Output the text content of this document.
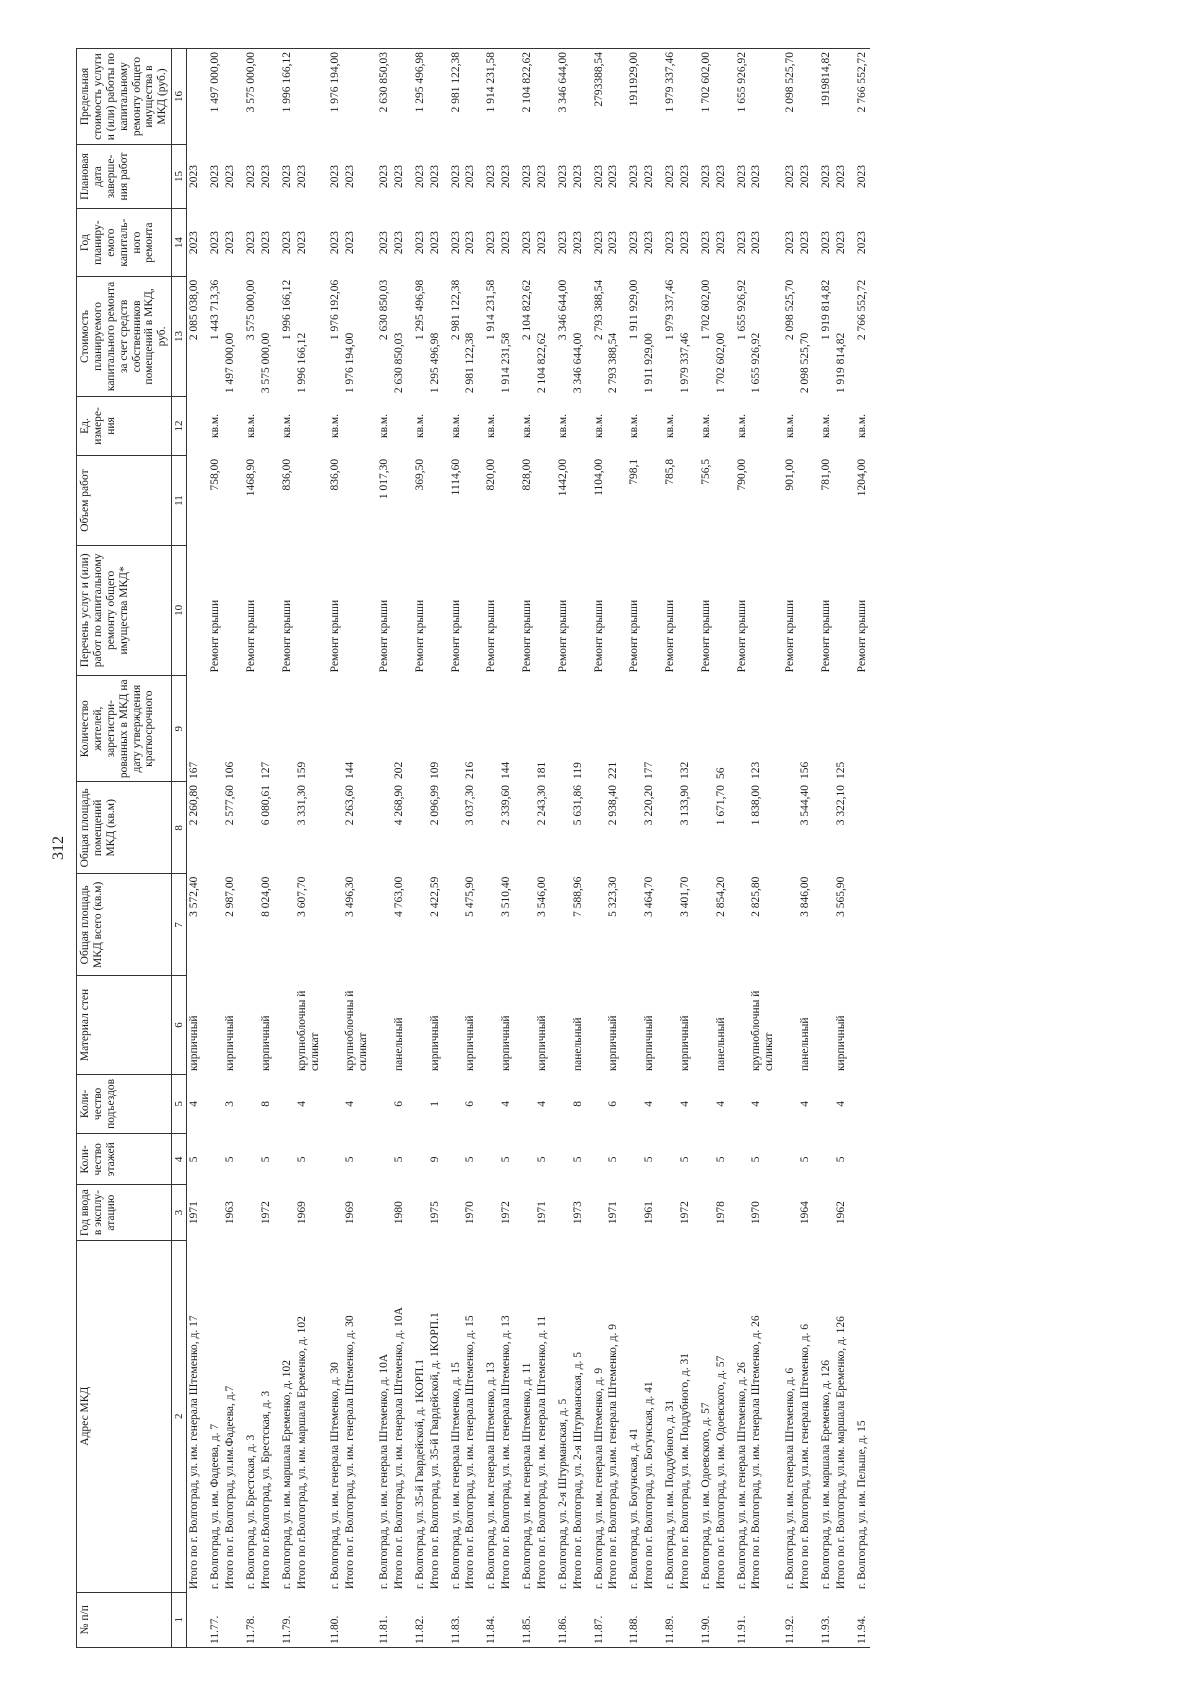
312
№ п/п	Адрес МКД	Год ввода в эксплу-атацию	Коли-чество этажей	Коли-чество подъездов	Материал стен	Общая площадь МКД всего (кв.м)	Общая площадь помещений МКД (кв.м)	Количество жителей, зарегистри-рованных в МКД на дату утверждения краткосрочного	Перечень услуг и (или) работ по капитальному ремонту общего имущества МКД*	Объем работ	Ед. измере-ния	Стоимость планируемого капитального ремонта за счет средств собственников помещений в МКД, руб.	Год планиру-емого капиталь-ного ремонта	Плановая дата заверше-ния работ	Предельная стоимость услуги и (или) работы по капитальному ремонту общего имущества в МКД (руб.)
1	2	3	4	5	6	7	8	9	10	11	12	13	14	15	16
	Итого по г. Волгоград, ул. им. генерала Штеменко, д. 17	1971	5	4	кирпичный	3 572,40	2 260,80	167				2 085 038,00	2023	2023	
11.77.	г. Волгоград, ул. им. Фадеева, д. 7								Ремонт крыши	758,00	кв.м.	1 443 713,36	2023	2023	1 497 000,00
	Итого по г. Волгоград, ул.им.Фадеева, д.7	1963	5	3	кирпичный	2 987,00	2 577,60	106				1 497 000,00	2023	2023	
11.78.	г. Волгоград, ул. Брестская, д. 3								Ремонт крыши	1468,90	кв.м.	3 575 000,00	2023	2023	3 575 000,00
	Итого по г.Волгоград, ул. Брестская, д. 3	1972	5	8	кирпичный	8 024,00	6 080,61	127				3 575 000,00	2023	2023	
11.79.	г. Волгоград, ул. им. маршала Еременко, д. 102								Ремонт крыши	836,00	кв.м.	1 996 166,12	2023	2023	1 996 166,12
	Итого по г.Волгоград, ул. им. маршала Еременко, д. 102	1969	5	4	крупноблочны й силикат	3 607,70	3 331,30	159				1 996 166,12	2023	2023	
11.80.	г. Волгоград, ул. им. генерала Штеменко, д. 30								Ремонт крыши	836,00	кв.м.	1 976 192,06	2023	2023	1 976 194,00
	Итого по г. Волгоград, ул. им. генерала Штеменко, д. 30	1969	5	4	крупноблочны й силикат	3 496,30	2 263,60	144				1 976 194,00	2023	2023	
11.81.	г. Волгоград, ул. им. генерала Штеменко, д. 10А								Ремонт крыши	1 017,30	кв.м.	2 630 850,03	2023	2023	2 630 850,03
	Итого по г. Волгоград, ул. им. генерала Штеменко, д. 10А	1980	5	6	панельный	4 763,00	4 268,90	202				2 630 850,03	2023	2023	
11.82.	г. Волгоград, ул. 35-й Гвардейской, д. 1КОРП.1								Ремонт крыши	369,50	кв.м.	1 295 496,98	2023	2023	1 295 496,98
	Итого по г. Волгоград, ул. 35-й Гвардейской, д. 1КОРП.1	1975	9	1	кирпичный	2 422,59	2 096,99	109				1 295 496,98	2023	2023	
11.83.	г. Волгоград, ул. им. генерала Штеменко, д. 15								Ремонт крыши	1114,60	кв.м.	2 981 122,38	2023	2023	2 981 122,38
	Итого по г. Волгоград, ул. им. генерала Штеменко, д. 15	1970	5	6	кирпичный	5 475,90	3 037,30	216				2 981 122,38	2023	2023	
11.84.	г. Волгоград, ул. им. генерала Штеменко, д. 13								Ремонт крыши	820,00	кв.м.	1 914 231,58	2023	2023	1 914 231,58
	Итого по г. Волгоград, ул. им. генерала Штеменко, д. 13	1972	5	4	кирпичный	3 510,40	2 339,60	144				1 914 231,58	2023	2023	
11.85.	г. Волгоград, ул. им. генерала Штеменко, д. 11								Ремонт крыши	828,00	кв.м.	2 104 822,62	2023	2023	2 104 822,62
	Итого по г. Волгоград, ул. им. генерала Штеменко, д. 11	1971	5	4	кирпичный	3 546,00	2 243,30	181				2 104 822,62	2023	2023	
11.86.	г. Волгоград, ул. 2-я Штурманская, д. 5								Ремонт крыши	1442,00	кв.м.	3 346 644,00	2023	2023	3 346 644,00
	Итого по г. Волгоград, ул. 2-я Штурманская, д. 5	1973	5	8	панельный	7 588,96	5 631,86	119				3 346 644,00	2023	2023	
11.87.	г. Волгоград, ул. им. генерала Штеменко, д. 9								Ремонт крыши	1104,00	кв.м.	2 793 388,54	2023	2023	2793388,54
	Итого по г. Волгоград, ул.им. генерала Штеменко, д. 9	1971	5	6	кирпичный	5 323,30	2 938,40	221				2 793 388,54	2023	2023	
11.88.	г. Волгоград, ул. Богунская, д. 41								Ремонт крыши	798,1	кв.м.	1 911 929,00	2023	2023	1911929,00
	Итого по г. Волгоград, ул. Богунская, д. 41	1961	5	4	кирпичный	3 464,70	3 220,20	177				1 911 929,00	2023	2023	
11.89.	г. Волгоград, ул. им. Поддубного, д. 31								Ремонт крыши	785,8	кв.м.	1 979 337,46	2023	2023	1 979 337,46
	Итого по г. Волгоград, ул. им. Поддубного, д. 31	1972	5	4	кирпичный	3 401,70	3 133,90	132				1 979 337,46	2023	2023	
11.90.	г. Волгоград, ул. им. Одоевского, д. 57								Ремонт крыши	756,5	кв.м.	1 702 602,00	2023	2023	1 702 602,00
	Итого по г. Волгоград, ул. им. Одоевского, д. 57	1978	5	4	панельный	2 854,20	1 671,70	56				1 702 602,00	2023	2023	
11.91.	г. Волгоград, ул. им. генерала Штеменко, д. 26								Ремонт крыши	790,00	кв.м.	1 655 926,92	2023	2023	1 655 926,92
	Итого по г. Волгоград, ул. им. генерала Штеменко, д. 26	1970	5	4	крупноблочны й силикат	2 825,80	1 838,00	123				1 655 926,92	2023	2023	
11.92.	г. Волгоград, ул. им. генерала Штеменко, д. 6								Ремонт крыши	901,00	кв.м.	2 098 525,70	2023	2023	2 098 525,70
	Итого по г. Волгоград, ул.им. генерала Штеменко, д. 6	1964	5	4	панельный	3 846,00	3 544,40	156				2 098 525,70	2023	2023	
11.93.	г. Волгоград, ул. им. маршала Еременко, д. 126								Ремонт крыши	781,00	кв.м.	1 919 814,82	2023	2023	1919814,82
	Итого по г. Волгоград, ул.им. маршала Еременко, д. 126	1962	5	4	кирпичный	3 565,90	3 322,10	125				1 919 814,82	2023	2023	
11.94.	г. Волгоград, ул. им. Пельше, д. 15								Ремонт крыши	1204,00	кв.м.	2 766 552,72	2023	2023	2 766 552,72
